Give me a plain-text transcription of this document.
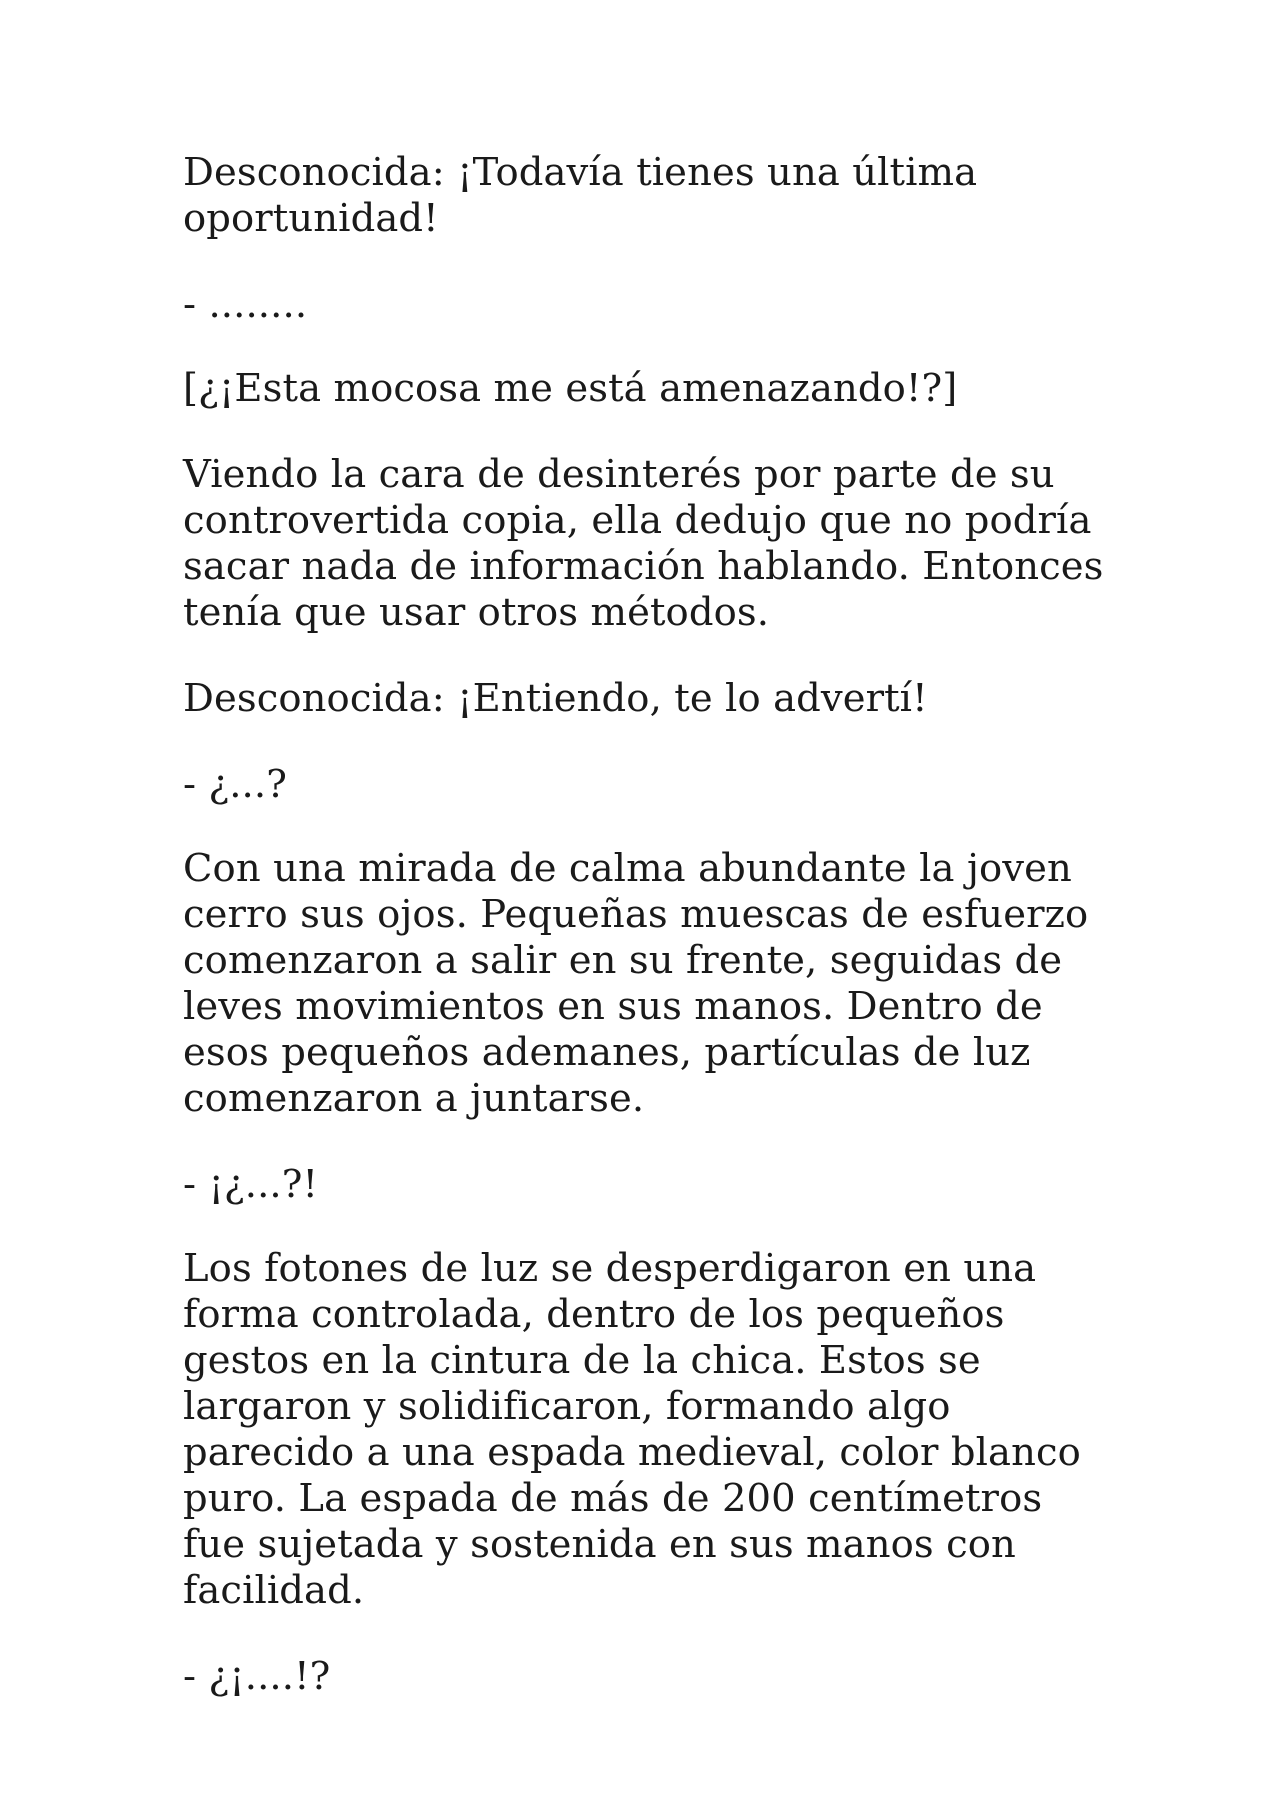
Desconocida: ¡Todavía tienes una última oportunidad!

- ........

[¿¡Esta mocosa me está amenazando!?]

Viendo la cara de desinterés por parte de su controvertida copia, ella dedujo que no podría sacar nada de información hablando. Entonces tenía que usar otros métodos.

Desconocida: ¡Entiendo, te lo advertí!

- ¿...?

Con una mirada de calma abundante la joven cerro sus ojos. Pequeñas muescas de esfuerzo comenzaron a salir en su frente, seguidas de leves movimientos en sus manos. Dentro de esos pequeños ademanes, partículas de luz comenzaron a juntarse.

- ¡¿...?!

Los fotones de luz se desperdigaron en una forma controlada, dentro de los pequeños gestos en la cintura de la chica. Estos se largaron y solidificaron, formando algo parecido a una espada medieval, color blanco puro. La espada de más de 200 centímetros fue sujetada y sostenida en sus manos con facilidad.

- ¿¡....!?
